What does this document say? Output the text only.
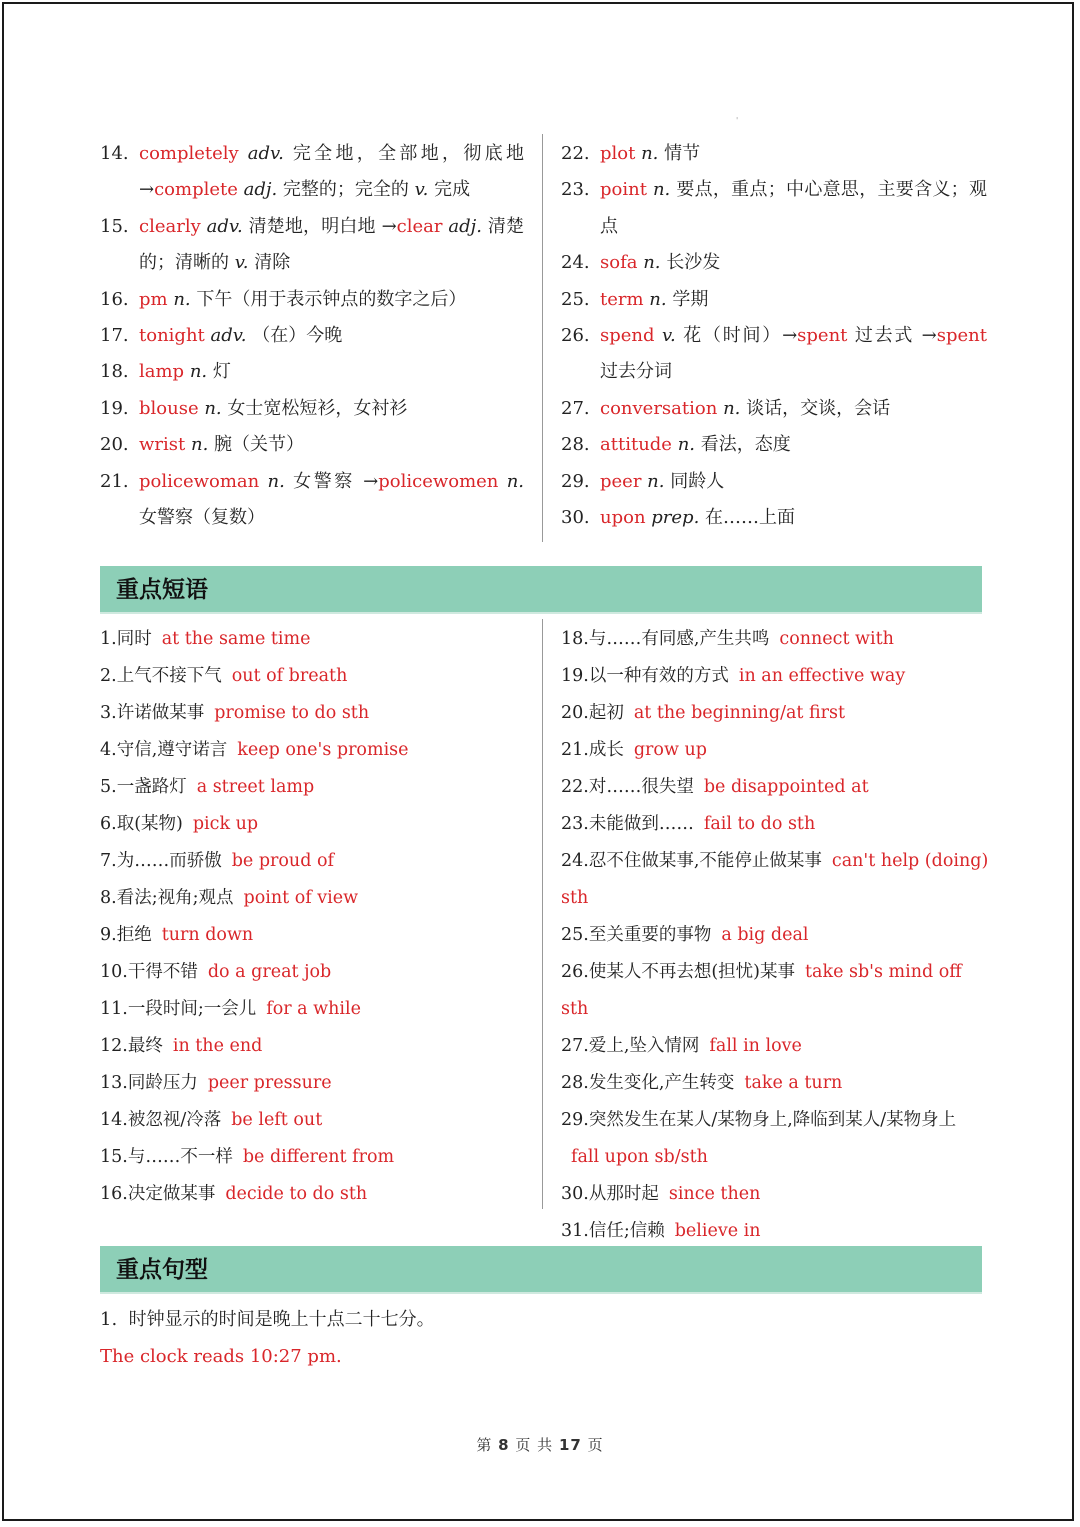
'
14. completely adv. 完全地，全部地，彻底地→complete adj. 完整的；完全的 v. 完成
15. clearly adv. 清楚地，明白地 →clear adj. 清楚的；清晰的 v. 清除
16. pm n. 下午（用于表示钟点的数字之后）
17. tonight adv. （在）今晚
18. lamp n. 灯
19. blouse n. 女士宽松短衫，女衬衫
20. wrist n. 腕（关节）
21. policewoman n. 女警察 →policewomen n. 女警察（复数）
22. plot n. 情节
23. point n. 要点，重点；中心意思，主要含义；观点
24. sofa n. 长沙发
25. term n. 学期
26. spend v. 花（时间）→spent 过去式 →spent 过去分词
27. conversation n. 谈话，交谈，会话
28. attitude n. 看法，态度
29. peer n. 同龄人
30. upon prep. 在……上面
重点短语
1.同时 at the same time
2.上气不接下气 out of breath
3.许诺做某事 promise to do sth
4.守信,遵守诺言 keep one's promise
5.一盏路灯 a street lamp
6.取(某物) pick up
7.为……而骄傲 be proud of
8.看法;视角;观点 point of view
9.拒绝 turn down
10.干得不错 do a great job
11.一段时间;一会儿 for a while
12.最终 in the end
13.同龄压力 peer pressure
14.被忽视/冷落 be left out
15.与……不一样 be different from
16.决定做某事 decide to do sth
18.与……有同感,产生共鸣 connect with
19.以一种有效的方式 in an effective way
20.起初 at the beginning/at first
21.成长 grow up
22.对……很失望 be disappointed at
23.未能做到…… fail to do sth
24.忍不住做某事,不能停止做某事 can't help (doing) sth
25.至关重要的事物 a big deal
26.使某人不再去想(担忧)某事 take sb's mind off sth
27.爱上,坠入情网 fall in love
28.发生变化,产生转变 take a turn
29.突然发生在某人/某物身上,降临到某人/某物身上fall upon sb/sth
30.从那时起 since then
31.信任;信赖 believe in
重点句型
1. 时钟显示的时间是晚上十点二十七分。
The clock reads 10:27 pm.
第 8 页 共 17 页
